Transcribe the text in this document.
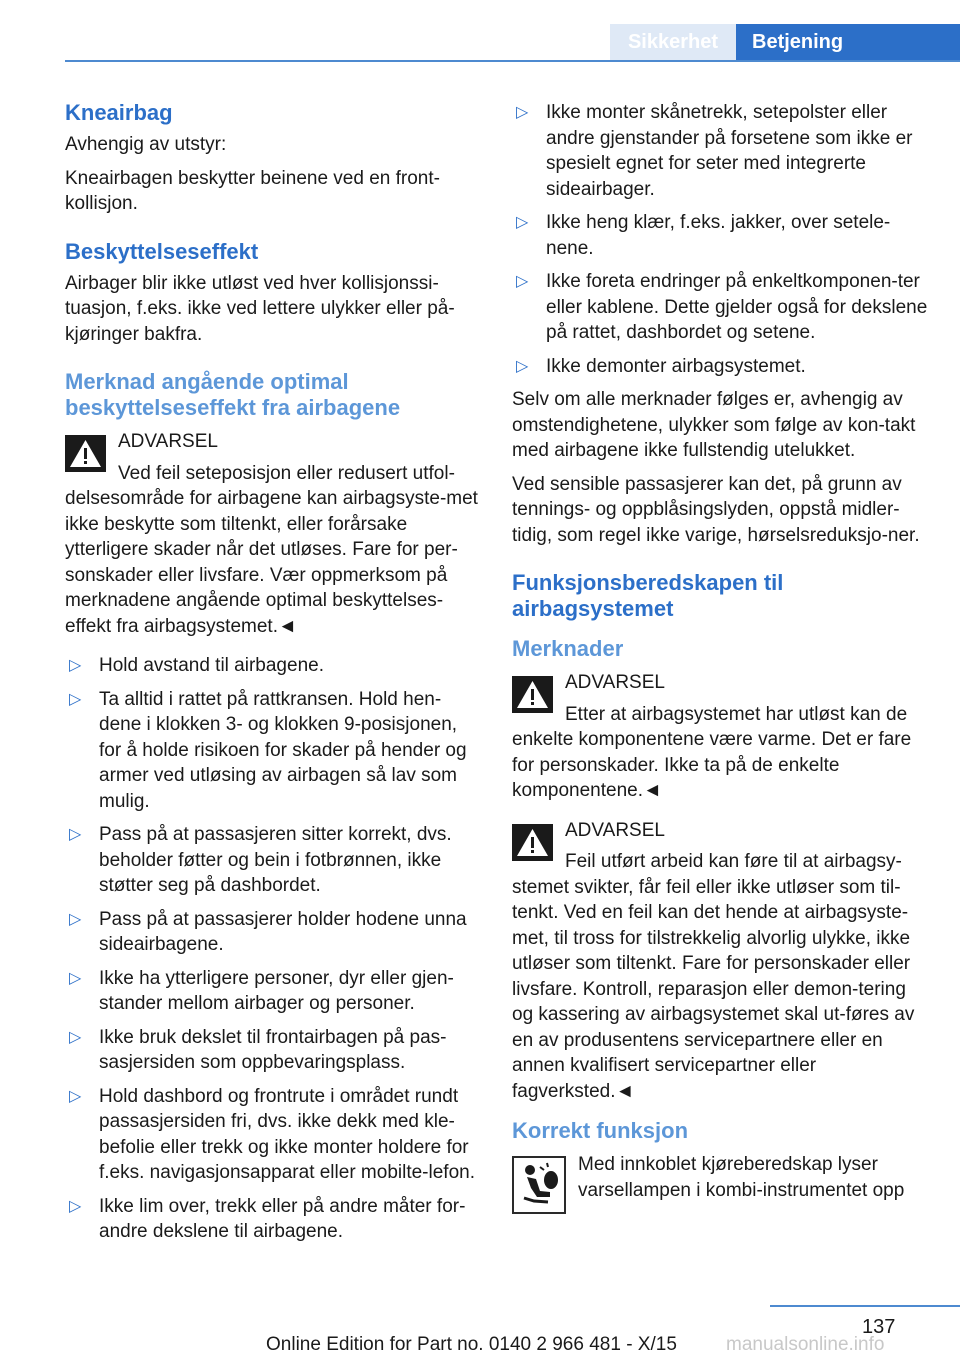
Sikkerhet	Betjening
Kneairbag
Avhengig av utstyr:
Kneairbagen beskytter beinene ved en front-kollisjon.
Beskyttelseseffekt
Airbager blir ikke utløst ved hver kollisjonssi-tuasjon, f.eks. ikke ved lettere ulykker eller på-kjøringer bakfra.
Merknad angående optimal beskyttelseseffekt fra airbagene
ADVARSEL
Ved feil seteposisjon eller redusert utfol-delsesområde for airbagene kan airbagsyste-met ikke beskytte som tiltenkt, eller forårsake ytterligere skader når det utløses. Fare for per-sonskader eller livsfare. Vær oppmerksom på merknadene angående optimal beskyttelses-effekt fra airbagsystemet.◄
▷ Hold avstand til airbagene.
▷ Ta alltid i rattet på rattkransen. Hold hen-dene i klokken 3- og klokken 9-posisjonen, for å holde risikoen for skader på hender og armer ved utløsing av airbagen så lav som mulig.
▷ Pass på at passasjeren sitter korrekt, dvs. beholder føtter og bein i fotbrønnen, ikke støtter seg på dashbordet.
▷ Pass på at passasjerer holder hodene unna sideairbagene.
▷ Ikke ha ytterligere personer, dyr eller gjen-stander mellom airbager og personer.
▷ Ikke bruk dekslet til frontairbagen på pas-sasjersiden som oppbevaringsplass.
▷ Hold dashbord og frontrute i området rundt passasjersiden fri, dvs. ikke dekk med kle-befolie eller trekk og ikke monter holdere for f.eks. navigasjonsapparat eller mobilte-lefon.
▷ Ikke lim over, trekk eller på andre måter for-andre dekslene til airbagene.
▷ Ikke monter skånetrekk, setepolster eller andre gjenstander på forsetene som ikke er spesielt egnet for seter med integrerte sideairbager.
▷ Ikke heng klær, f.eks. jakker, over setele-nene.
▷ Ikke foreta endringer på enkeltkomponen-ter eller kablene. Dette gjelder også for dekslene på rattet, dashbordet og setene.
▷ Ikke demonter airbagsystemet.
Selv om alle merknader følges er, avhengig av omstendighetene, ulykker som følge av kon-takt med airbagene ikke fullstendig utelukket.
Ved sensible passasjerer kan det, på grunn av tennings- og oppblåsingslyden, oppstå midler-tidig, som regel ikke varige, hørselsreduksjo-ner.
Funksjonsberedskapen til airbagsystemet
Merknader
ADVARSEL
Etter at airbagsystemet har utløst kan de enkelte komponentene være varme. Det er fare for personskader. Ikke ta på de enkelte komponentene.◄
ADVARSEL
Feil utført arbeid kan føre til at airbagsy-stemet svikter, får feil eller ikke utløser som til-tenkt. Ved en feil kan det hende at airbagsyste-met, til tross for tilstrekkelig alvorlig ulykke, ikke utløser som tiltenkt. Fare for personskader eller livsfare. Kontroll, reparasjon eller demon-tering og kassering av airbagsystemet skal ut-føres av en av produsentens servicepartnere eller en annen kvalifisert servicepartner eller fagverksted.◄
Korrekt funksjon
Med innkoblet kjøreberedskap lyser varsellampen i kombi-instrumentet opp
137
Online Edition for Part no. 0140 2 966 481 - X/15	manualsonline.info
